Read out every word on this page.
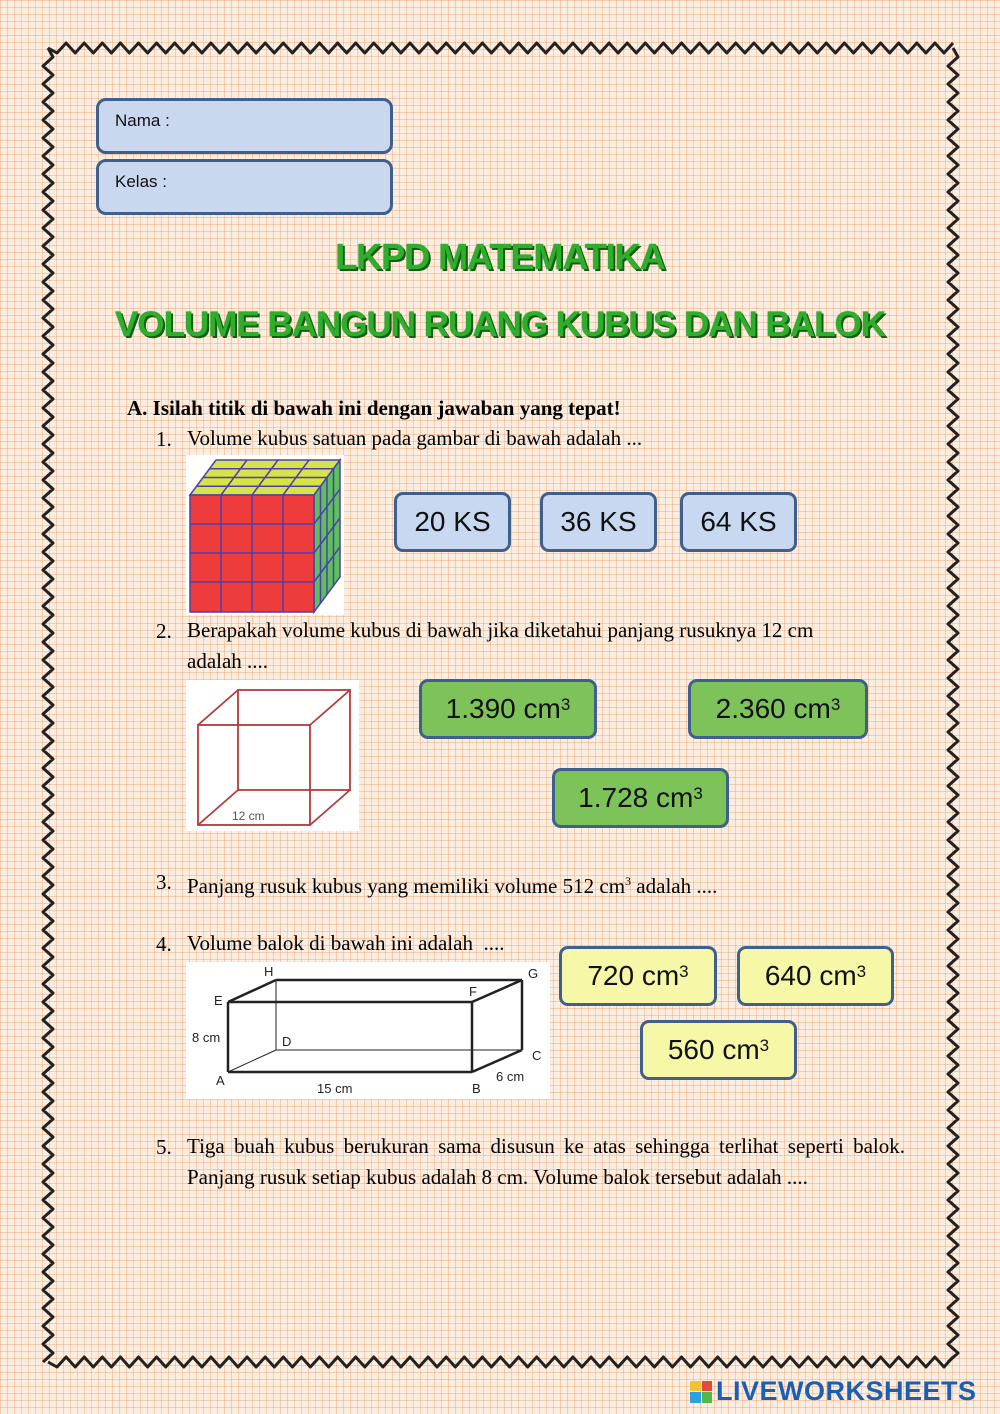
Nama :
Kelas :
LKPD MATEMATIKA
VOLUME BANGUN RUANG KUBUS DAN BALOK
A. Isilah titik di bawah ini dengan jawaban yang tepat!
1. Volume kubus satuan pada gambar di bawah adalah ...
20 KS 36 KS 64 KS
2. Berapakah volume kubus di bawah jika diketahui panjang rusuknya 12 cm
adalah ....
12 cm
1.390 $cm^3$	2.360 $cm^3$
1.728 $cm^3$
3. Panjang rusuk kubus yang memiliki volume 512 $cm^3$ adalah ....
4. Volume balok di bawah ini adalah  ....
H	G
E
F
D
C
A
B
8 cm
15 cm
6 cm
720 $cm^3$	640 $cm^3$
560 $cm^3$
5. Tiga buah kubus berukuran sama disusun ke atas sehingga terlihat seperti balok. Panjang rusuk setiap kubus adalah 8 cm. Volume balok tersebut adalah ....
LIVEWORKSHEETS
